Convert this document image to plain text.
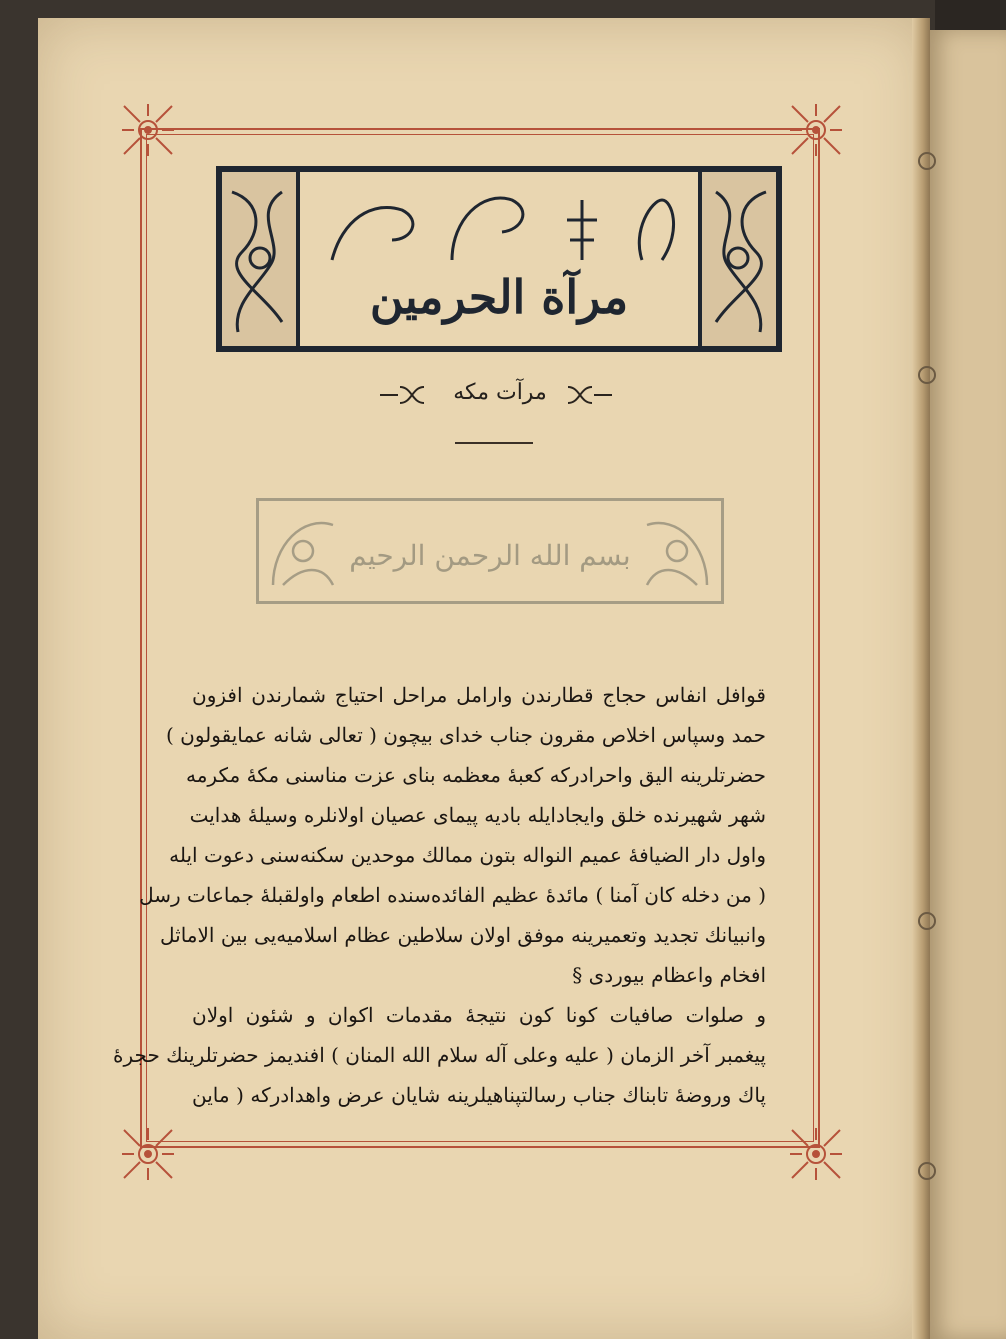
مرآة الحرمين
مرآت مكه
بسم الله الرحمن الرحيم
قوافل انفاس حجاج قطارندن وارامل مراحل احتياج شمارندن افزون
حمد وسپاس اخلاص مقرون جناب خداى بيچون ( تعالى شانه عمايقولون )
حضرتلرينه اليق واحرادركه كعبهٔ معظمه بناى عزت مناسنى مكهٔ مكرمه
شهر شهيرنده خلق وايجادايله باديه پيماى عصيان اولانلره وسيلهٔ هدايت
واول دار الضيافهٔ عميم النواله بتون ممالك موحدين سكنه‌سنى دعوت ايله
( من دخله كان آمنا ) مائدهٔ عظيم الفائده‌سنده اطعام واولقبلهٔ جماعات رسل
وانبيانك تجديد وتعميرينه موفق اولان سلاطين عظام اسلاميه‌يى بين الاماثل
افخام واعظام بيوردى §
و صلوات صافيات كونا كون نتيجهٔ مقدمات اكوان و شئون اولان
پيغمبر آخر الزمان ( عليه وعلى آله سلام الله المنان ) افنديمز حضرتلرينك حجرهٔ
پاك وروضهٔ تابناك جناب رسالتپناهيلرينه شايان عرض واهدادركه ( ماين
